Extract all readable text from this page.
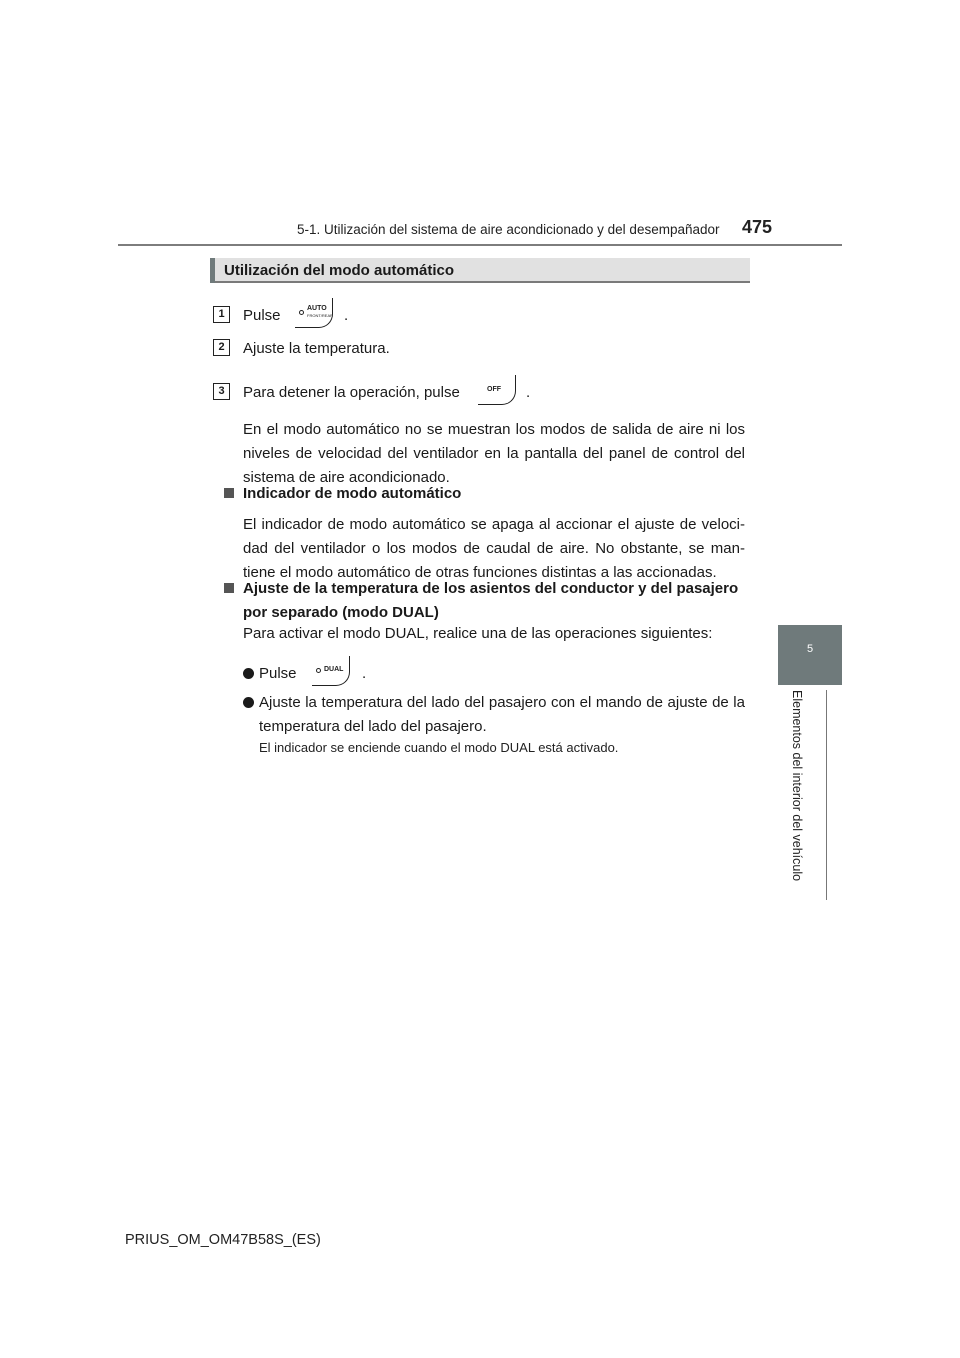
5-1. Utilización del sistema de aire acondicionado y del desempañador 475
5
Elementos del interior del vehículo
Utilización del modo automático
1	Pulse	AUTO
FRONT/REAR .
2	Ajuste la temperatura.
3	Para detener la operación, pulse	OFF .
En el modo automático no se muestran los modos de salida de aire ni los niveles de velocidad del ventilador en la pantalla del panel de control del sistema de aire acondicionado.
Indicador de modo automático
El indicador de modo automático se apaga al accionar el ajuste de veloci-dad del ventilador o los modos de caudal de aire. No obstante, se man-tiene el modo automático de otras funciones distintas a las accionadas.
Ajuste de la temperatura de los asientos del conductor y del pasajero por separado (modo DUAL)
Para activar el modo DUAL, realice una de las operaciones siguientes:
Pulse	DUAL .
Ajuste la temperatura del lado del pasajero con el mando de ajuste de la temperatura del lado del pasajero.
El indicador se enciende cuando el modo DUAL está activado.
PRIUS_OM_OM47B58S_(ES)
